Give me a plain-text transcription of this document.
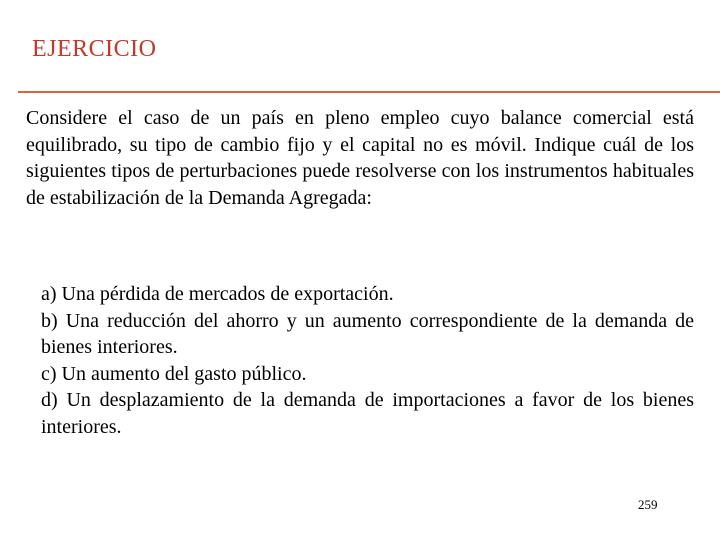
EJERCICIO
Considere el caso de un país en pleno empleo cuyo balance comercial está equilibrado, su tipo de cambio fijo y el capital no es móvil. Indique cuál de los siguientes tipos de perturbaciones puede resolverse con los instrumentos habituales de estabilización de la Demanda Agregada:
a) Una pérdida de mercados de exportación.
b) Una reducción del ahorro y un aumento correspondiente de la demanda de bienes interiores.
c) Un aumento del gasto público.
d) Un desplazamiento de la demanda de importaciones a favor de los bienes interiores.
259
